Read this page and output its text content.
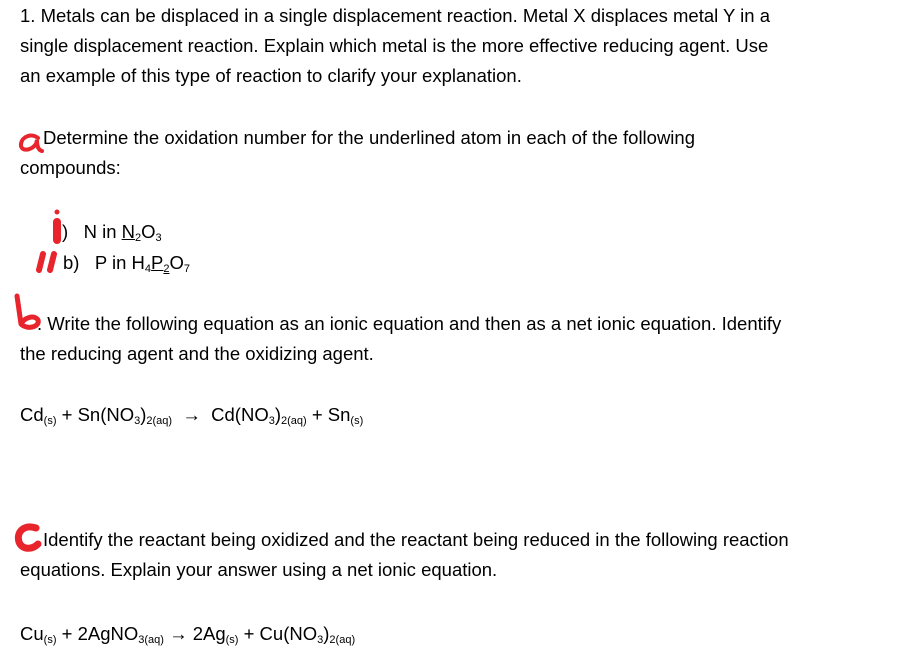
1. Metals can be displaced in a single displacement reaction. Metal X displaces metal Y in a
single displacement reaction. Explain which metal is the more effective reducing agent. Use
an example of this type of reaction to clarify your explanation.
Determine the oxidation number for the underlined atom in each of the following
compounds:
) N in $N_2O_3$
b) P in $H_4P_2O_7$
. Write the following equation as an ionic equation and then as a net ionic equation. Identify
the reducing agent and the oxidizing agent.
$Cd_{(s)} + Sn(NO_3)_{2(aq)} \to Cd(NO_3)_{2(aq)} + Sn_{(s)}$
Identify the reactant being oxidized and the reactant being reduced in the following reaction
equations. Explain your answer using a net ionic equation.
$Cu_{(s)}$ + 2AgNO$_{3(aq)}$ → $2Ag_{(s)} + Cu(NO_3)_{2(aq)}$
